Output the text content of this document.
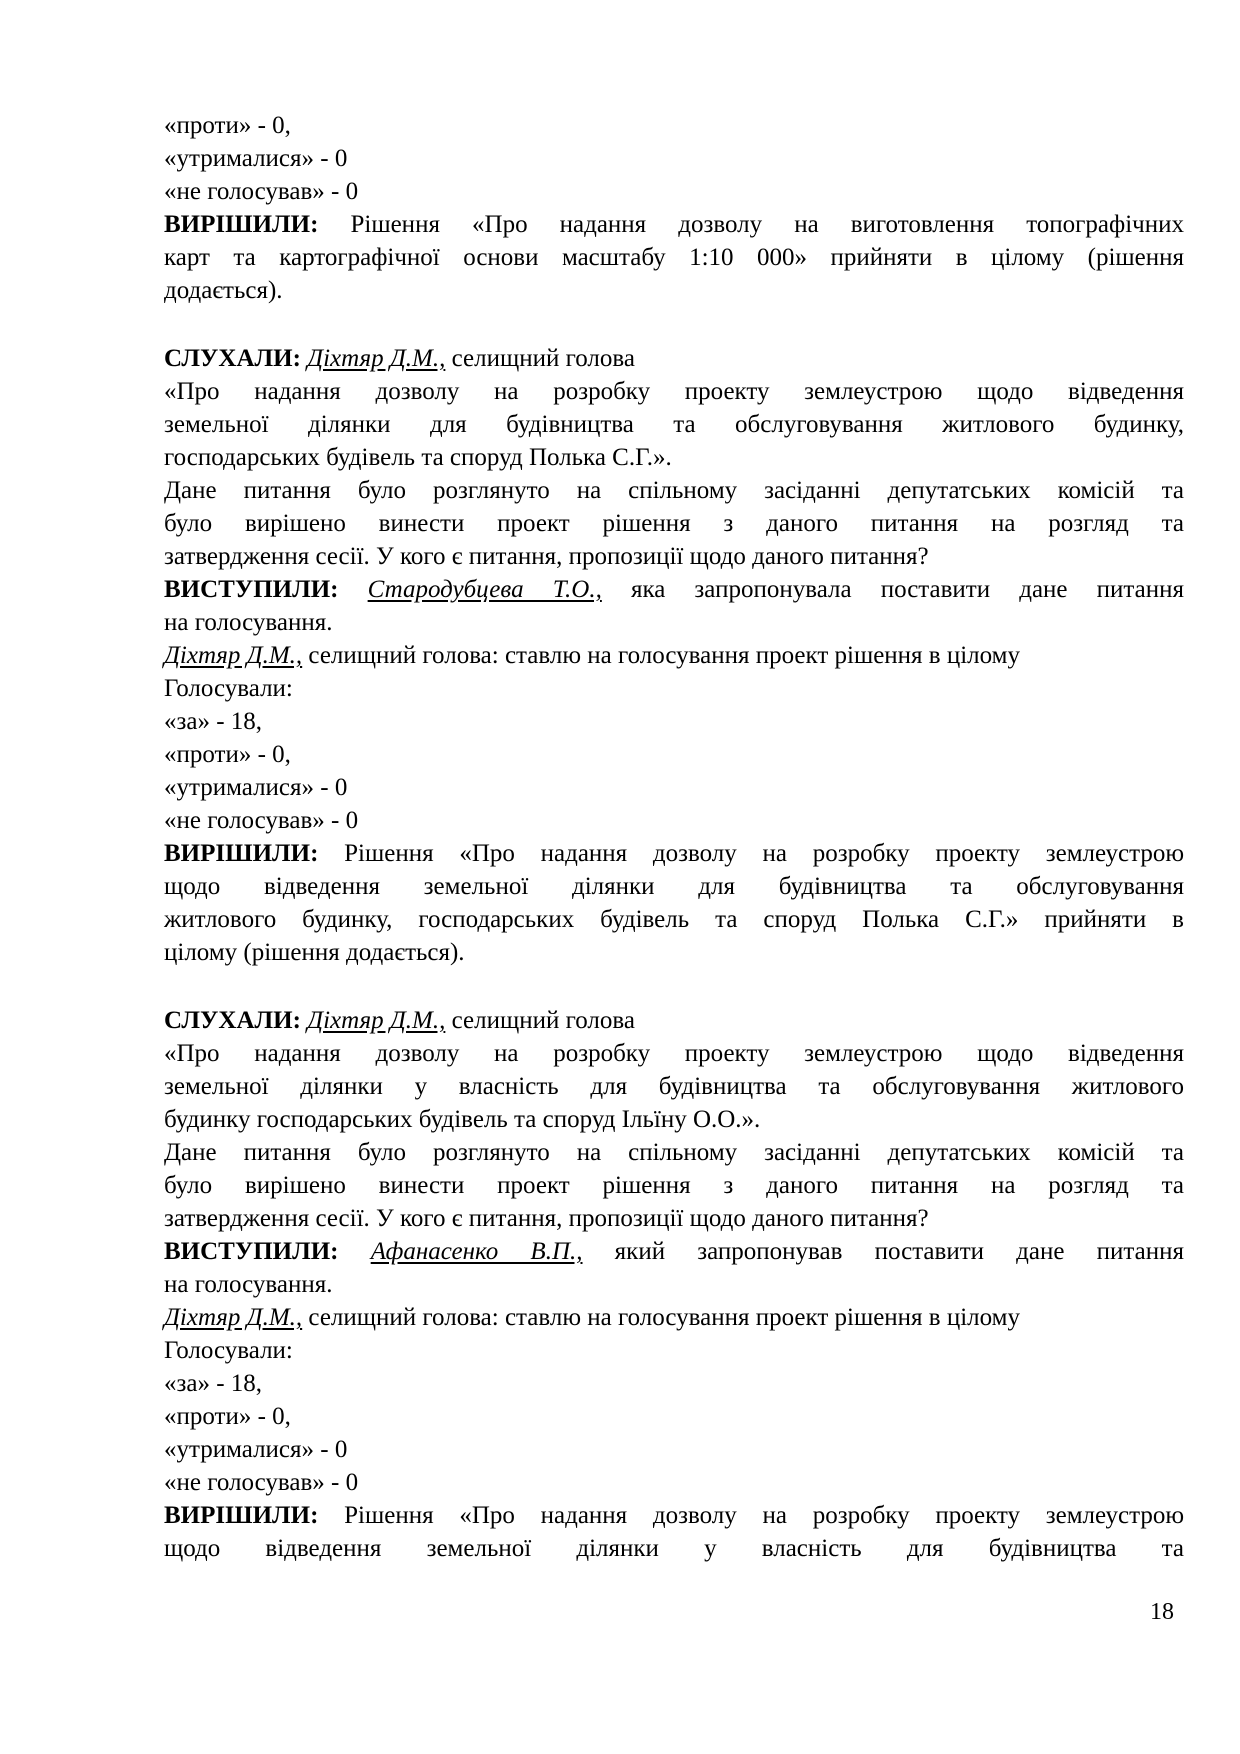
«проти» - 0,
«утрималися» - 0
«не голосував» - 0
ВИРІШИЛИ: Рішення «Про надання дозволу на виготовлення топографічних
карт та картографічної основи масштабу 1:10 000» прийняти в цілому (рішення
додається).
СЛУХАЛИ: Діхтяр Д.М., селищний голова
«Про надання дозволу на розробку проекту землеустрою щодо відведення
земельної ділянки для будівництва та обслуговування житлового будинку,
господарських будівель та споруд Полька С.Г.».
Дане питання було розглянуто на спільному засіданні депутатських комісій та
було вирішено винести проект рішення з даного питання на розгляд та
затвердження сесії. У кого є питання, пропозиції щодо даного питання?
ВИСТУПИЛИ: Стародубцева Т.О., яка запропонувала поставити дане питання
на голосування.
Діхтяр Д.М., селищний голова: ставлю на голосування проект рішення в цілому
Голосували:
«за» - 18,
«проти» - 0,
«утрималися» - 0
«не голосував» - 0
ВИРІШИЛИ: Рішення «Про надання дозволу на розробку проекту землеустрою
щодо відведення земельної ділянки для будівництва та обслуговування
житлового будинку, господарських будівель та споруд Полька С.Г.» прийняти в
цілому (рішення додається).
СЛУХАЛИ: Діхтяр Д.М., селищний голова
«Про надання дозволу на розробку проекту землеустрою щодо відведення
земельної ділянки у власність для будівництва та обслуговування житлового
будинку господарських будівель та споруд Ільїну О.О.».
Дане питання було розглянуто на спільному засіданні депутатських комісій та
було вирішено винести проект рішення з даного питання на розгляд та
затвердження сесії. У кого є питання, пропозиції щодо даного питання?
ВИСТУПИЛИ: Афанасенко В.П., який запропонував поставити дане питання
на голосування.
Діхтяр Д.М., селищний голова: ставлю на голосування проект рішення в цілому
Голосували:
«за» - 18,
«проти» - 0,
«утрималися» - 0
«не голосував» - 0
ВИРІШИЛИ: Рішення «Про надання дозволу на розробку проекту землеустрою
щодо відведення земельної ділянки у власність для будівництва та
18
